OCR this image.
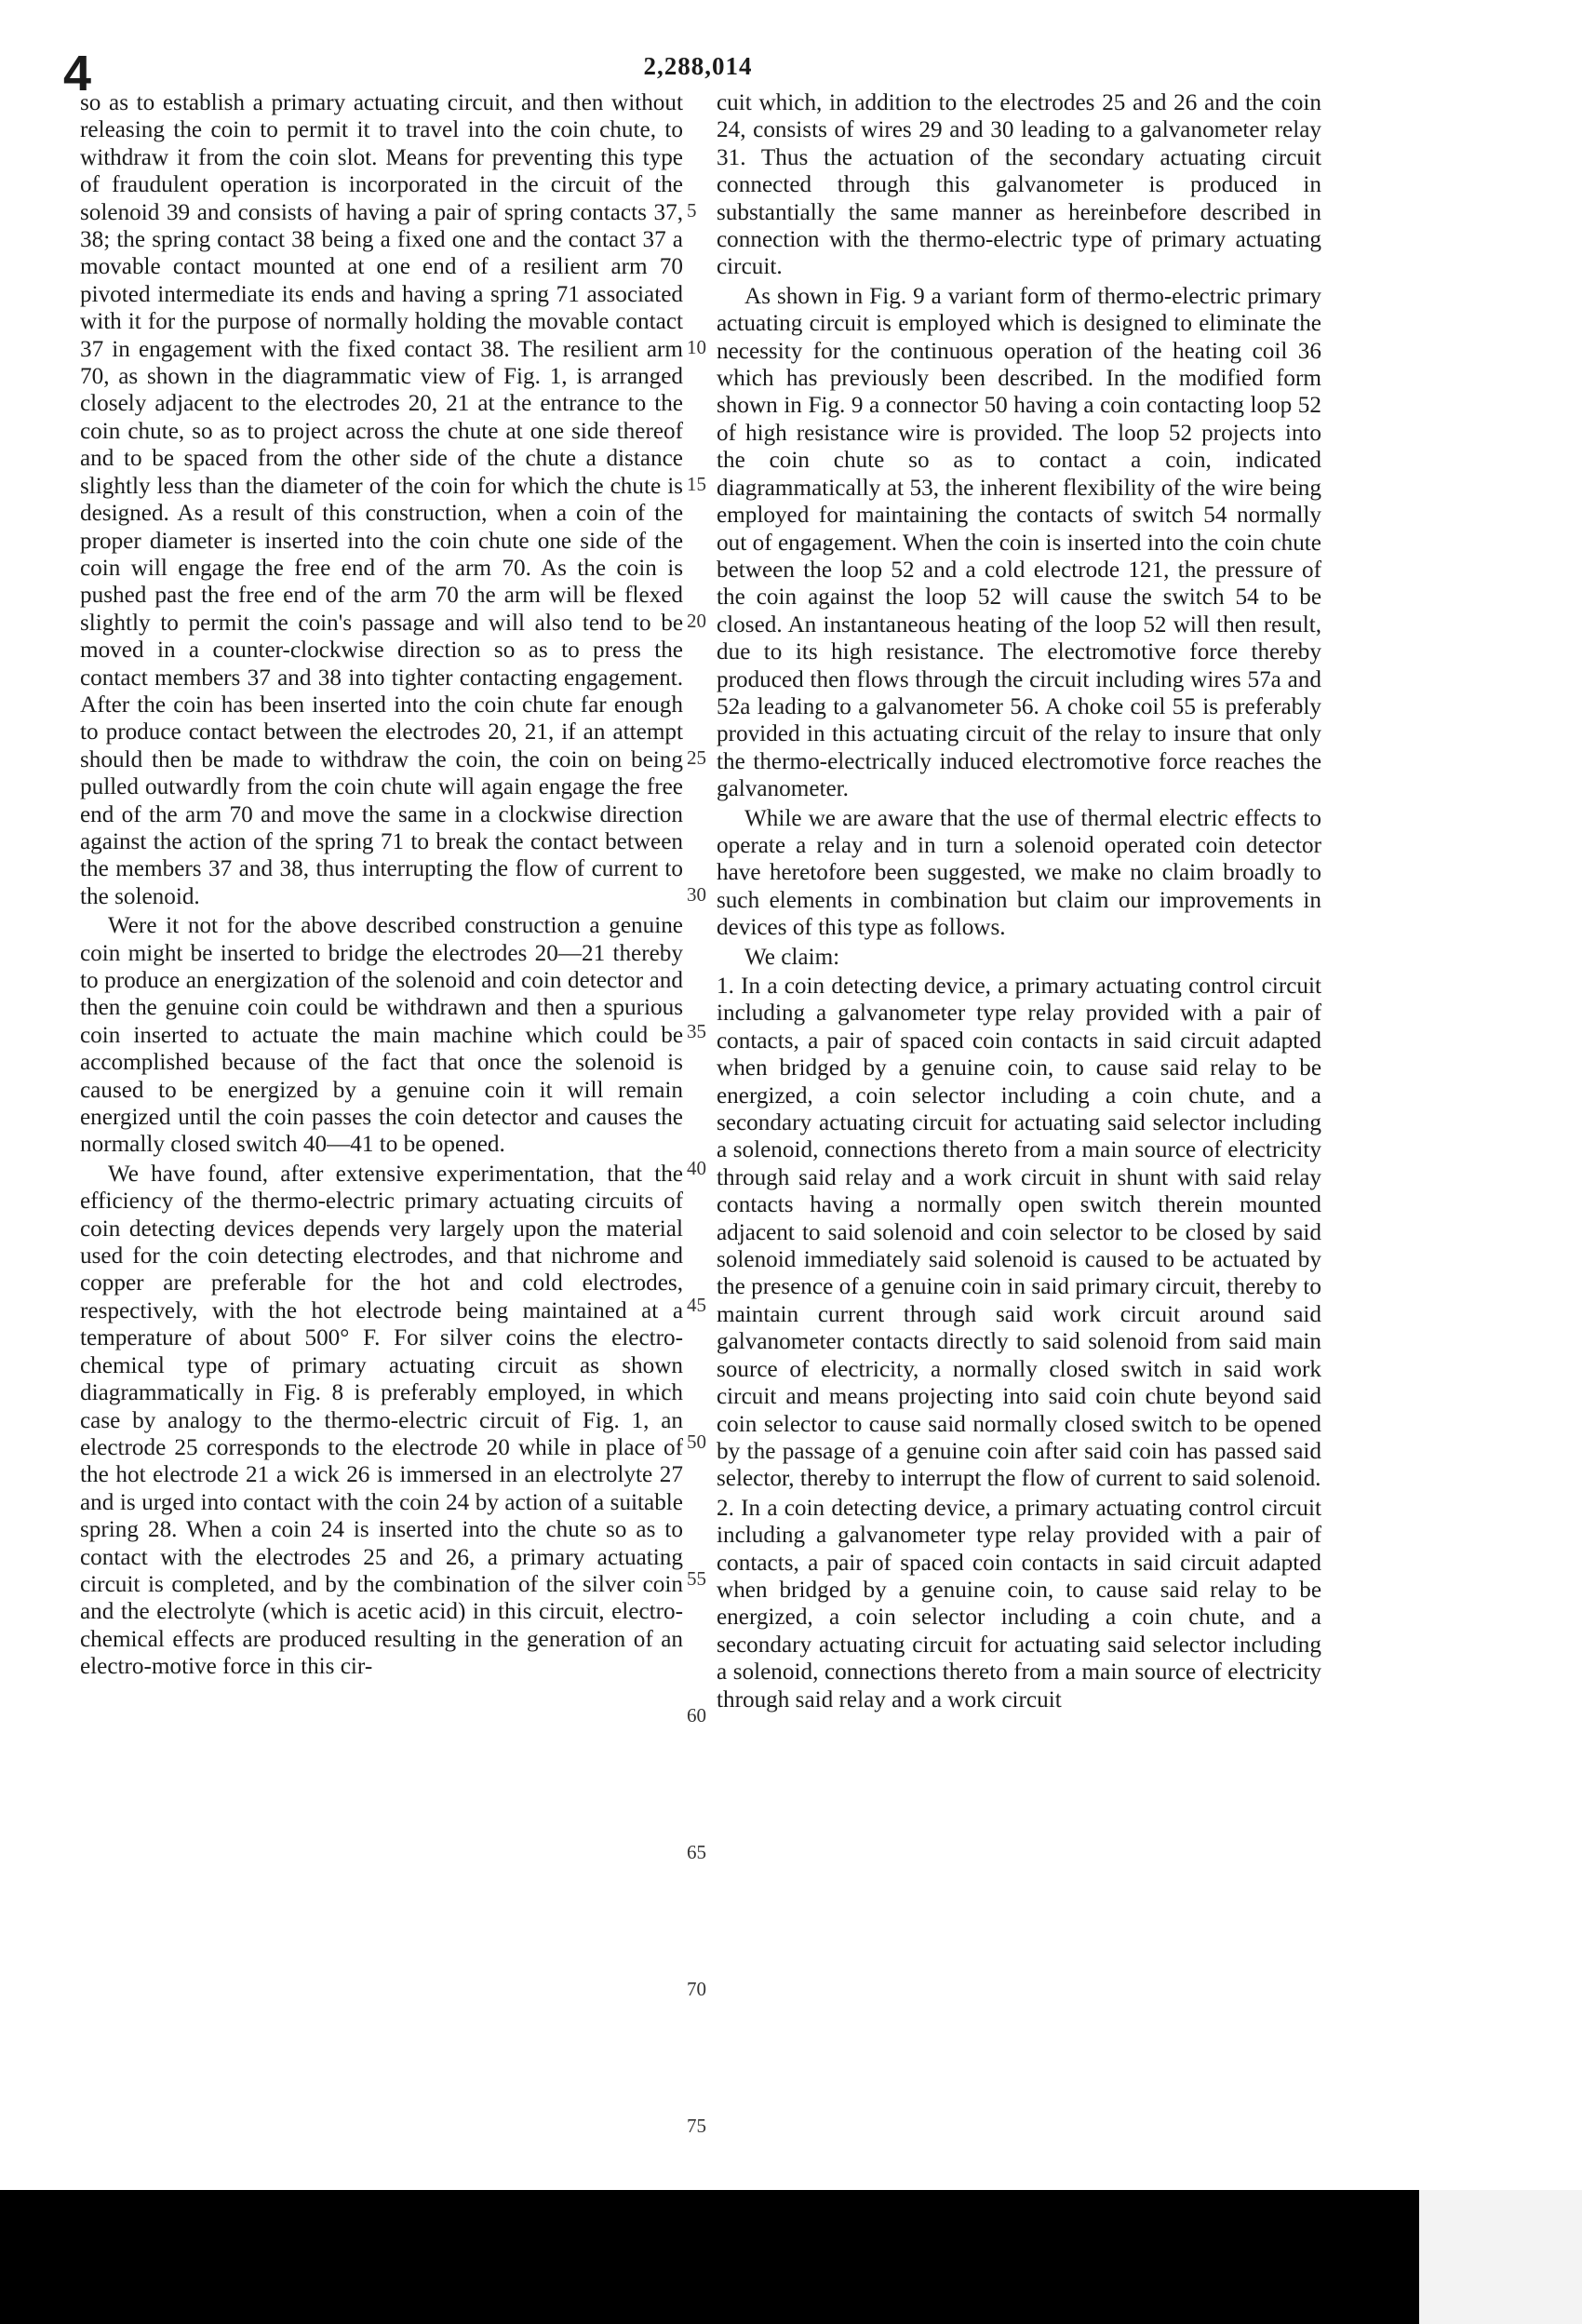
4	2,288,014

so as to establish a primary actuating circuit, and then without releasing the coin to permit it to travel into the coin chute, to withdraw it from the coin slot. Means for preventing this type of fraudulent operation is incorporated in the circuit of the solenoid 39 and consists of having a pair of spring contacts 37, 38; the spring contact 38 being a fixed one and the contact 37 a movable contact mounted at one end of a resilient arm 70 pivoted intermediate its ends and having a spring 71 associated with it for the purpose of normally holding the movable contact 37 in engagement with the fixed contact 38. The resilient arm 70, as shown in the diagrammatic view of Fig. 1, is arranged closely adjacent to the electrodes 20, 21 at the entrance to the coin chute, so as to project across the chute at one side thereof and to be spaced from the other side of the chute a distance slightly less than the diameter of the coin for which the chute is designed. As a result of this construction, when a coin of the proper diameter is inserted into the coin chute one side of the coin will engage the free end of the arm 70. As the coin is pushed past the free end of the arm 70 the arm will be flexed slightly to permit the coin's passage and will also tend to be moved in a counter-clockwise direction so as to press the contact members 37 and 38 into tighter contacting engagement. After the coin has been inserted into the coin chute far enough to produce contact between the electrodes 20, 21, if an attempt should then be made to withdraw the coin, the coin on being pulled outwardly from the coin chute will again engage the free end of the arm 70 and move the same in a clockwise direction against the action of the spring 71 to break the contact between the members 37 and 38, thus interrupting the flow of current to the solenoid.

Were it not for the above described construction a genuine coin might be inserted to bridge the electrodes 20—21 thereby to produce an energization of the solenoid and coin detector and then the genuine coin could be withdrawn and then a spurious coin inserted to actuate the main machine which could be accomplished because of the fact that once the solenoid is caused to be energized by a genuine coin it will remain energized until the coin passes the coin detector and causes the normally closed switch 40—41 to be opened.

We have found, after extensive experimentation, that the efficiency of the thermo-electric primary actuating circuits of coin detecting devices depends very largely upon the material used for the coin detecting electrodes, and that nichrome and copper are preferable for the hot and cold electrodes, respectively, with the hot electrode being maintained at a temperature of about 500° F. For silver coins the electro-chemical type of primary actuating circuit as shown diagrammatically in Fig. 8 is preferably employed, in which case by analogy to the thermo-electric circuit of Fig. 1, an electrode 25 corresponds to the electrode 20 while in place of the hot electrode 21 a wick 26 is immersed in an electrolyte 27 and is urged into contact with the coin 24 by action of a suitable spring 28. When a coin 24 is inserted into the chute so as to contact with the electrodes 25 and 26, a primary actuating circuit is completed, and by the combination of the silver coin and the electrolyte (which is acetic acid) in this circuit, electro-chemical effects are produced resulting in the generation of an electro-motive force in this cir-

5
10
15
20
25
30
35
40
45
50
55
60
65
70
75

cuit which, in addition to the electrodes 25 and 26 and the coin 24, consists of wires 29 and 30 leading to a galvanometer relay 31. Thus the actuation of the secondary actuating circuit connected through this galvanometer is produced in substantially the same manner as hereinbefore described in connection with the thermo-electric type of primary actuating circuit.

As shown in Fig. 9 a variant form of thermo-electric primary actuating circuit is employed which is designed to eliminate the necessity for the continuous operation of the heating coil 36 which has previously been described. In the modified form shown in Fig. 9 a connector 50 having a coin contacting loop 52 of high resistance wire is provided. The loop 52 projects into the coin chute so as to contact a coin, indicated diagrammatically at 53, the inherent flexibility of the wire being employed for maintaining the contacts of switch 54 normally out of engagement. When the coin is inserted into the coin chute between the loop 52 and a cold electrode 121, the pressure of the coin against the loop 52 will cause the switch 54 to be closed. An instantaneous heating of the loop 52 will then result, due to its high resistance. The electromotive force thereby produced then flows through the circuit including wires 57a and 52a leading to a galvanometer 56. A choke coil 55 is preferably provided in this actuating circuit of the relay to insure that only the thermo-electrically induced electromotive force reaches the galvanometer.

While we are aware that the use of thermal electric effects to operate a relay and in turn a solenoid operated coin detector have heretofore been suggested, we make no claim broadly to such elements in combination but claim our improvements in devices of this type as follows.

We claim:

1. In a coin detecting device, a primary actuating control circuit including a galvanometer type relay provided with a pair of contacts, a pair of spaced coin contacts in said circuit adapted when bridged by a genuine coin, to cause said relay to be energized, a coin selector including a coin chute, and a secondary actuating circuit for actuating said selector including a solenoid, connections thereto from a main source of electricity through said relay and a work circuit in shunt with said relay contacts having a normally open switch therein mounted adjacent to said solenoid and coin selector to be closed by said solenoid immediately said solenoid is caused to be actuated by the presence of a genuine coin in said primary circuit, thereby to maintain current through said work circuit around said galvanometer contacts directly to said solenoid from said main source of electricity, a normally closed switch in said work circuit and means projecting into said coin chute beyond said coin selector to cause said normally closed switch to be opened by the passage of a genuine coin after said coin has passed said selector, thereby to interrupt the flow of current to said solenoid.

2. In a coin detecting device, a primary actuating control circuit including a galvanometer type relay provided with a pair of contacts, a pair of spaced coin contacts in said circuit adapted when bridged by a genuine coin, to cause said relay to be energized, a coin selector including a coin chute, and a secondary actuating circuit for actuating said selector including a solenoid, connections thereto from a main source of electricity through said relay and a work circuit
